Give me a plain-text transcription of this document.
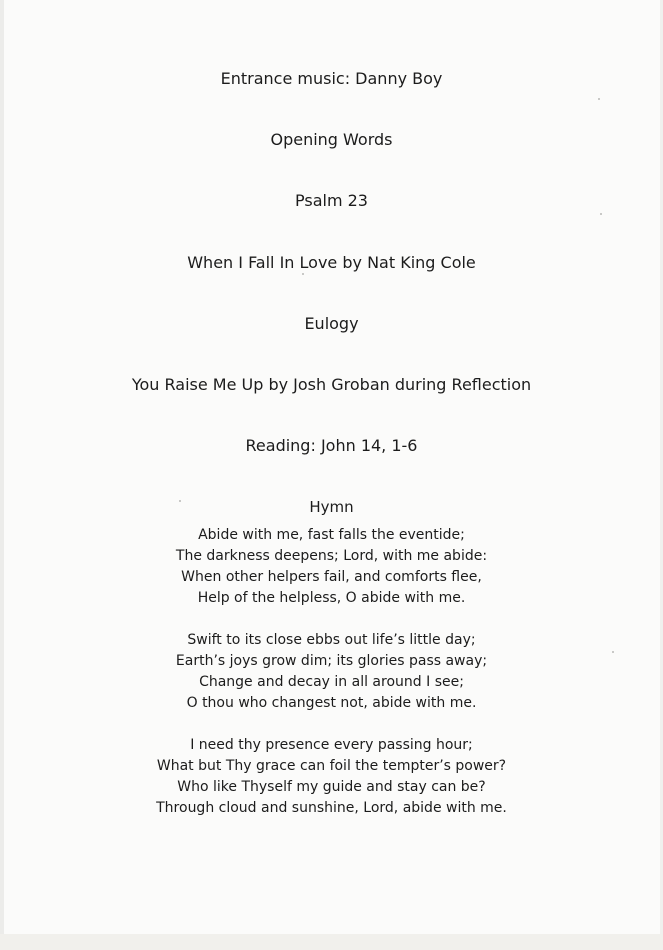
Entrance music: Danny Boy
Opening Words
Psalm 23
When I Fall In Love by Nat King Cole
Eulogy
You Raise Me Up by Josh Groban during Reflection
Reading: John 14, 1-6
Hymn
Abide with me, fast falls the eventide;
The darkness deepens; Lord, with me abide:
When other helpers fail, and comforts flee,
Help of the helpless, O abide with me.
Swift to its close ebbs out life’s little day;
Earth’s joys grow dim; its glories pass away;
Change and decay in all around I see;
O thou who changest not, abide with me.
I need thy presence every passing hour;
What but Thy grace can foil the tempter’s power?
Who like Thyself my guide and stay can be?
Through cloud and sunshine, Lord, abide with me.
